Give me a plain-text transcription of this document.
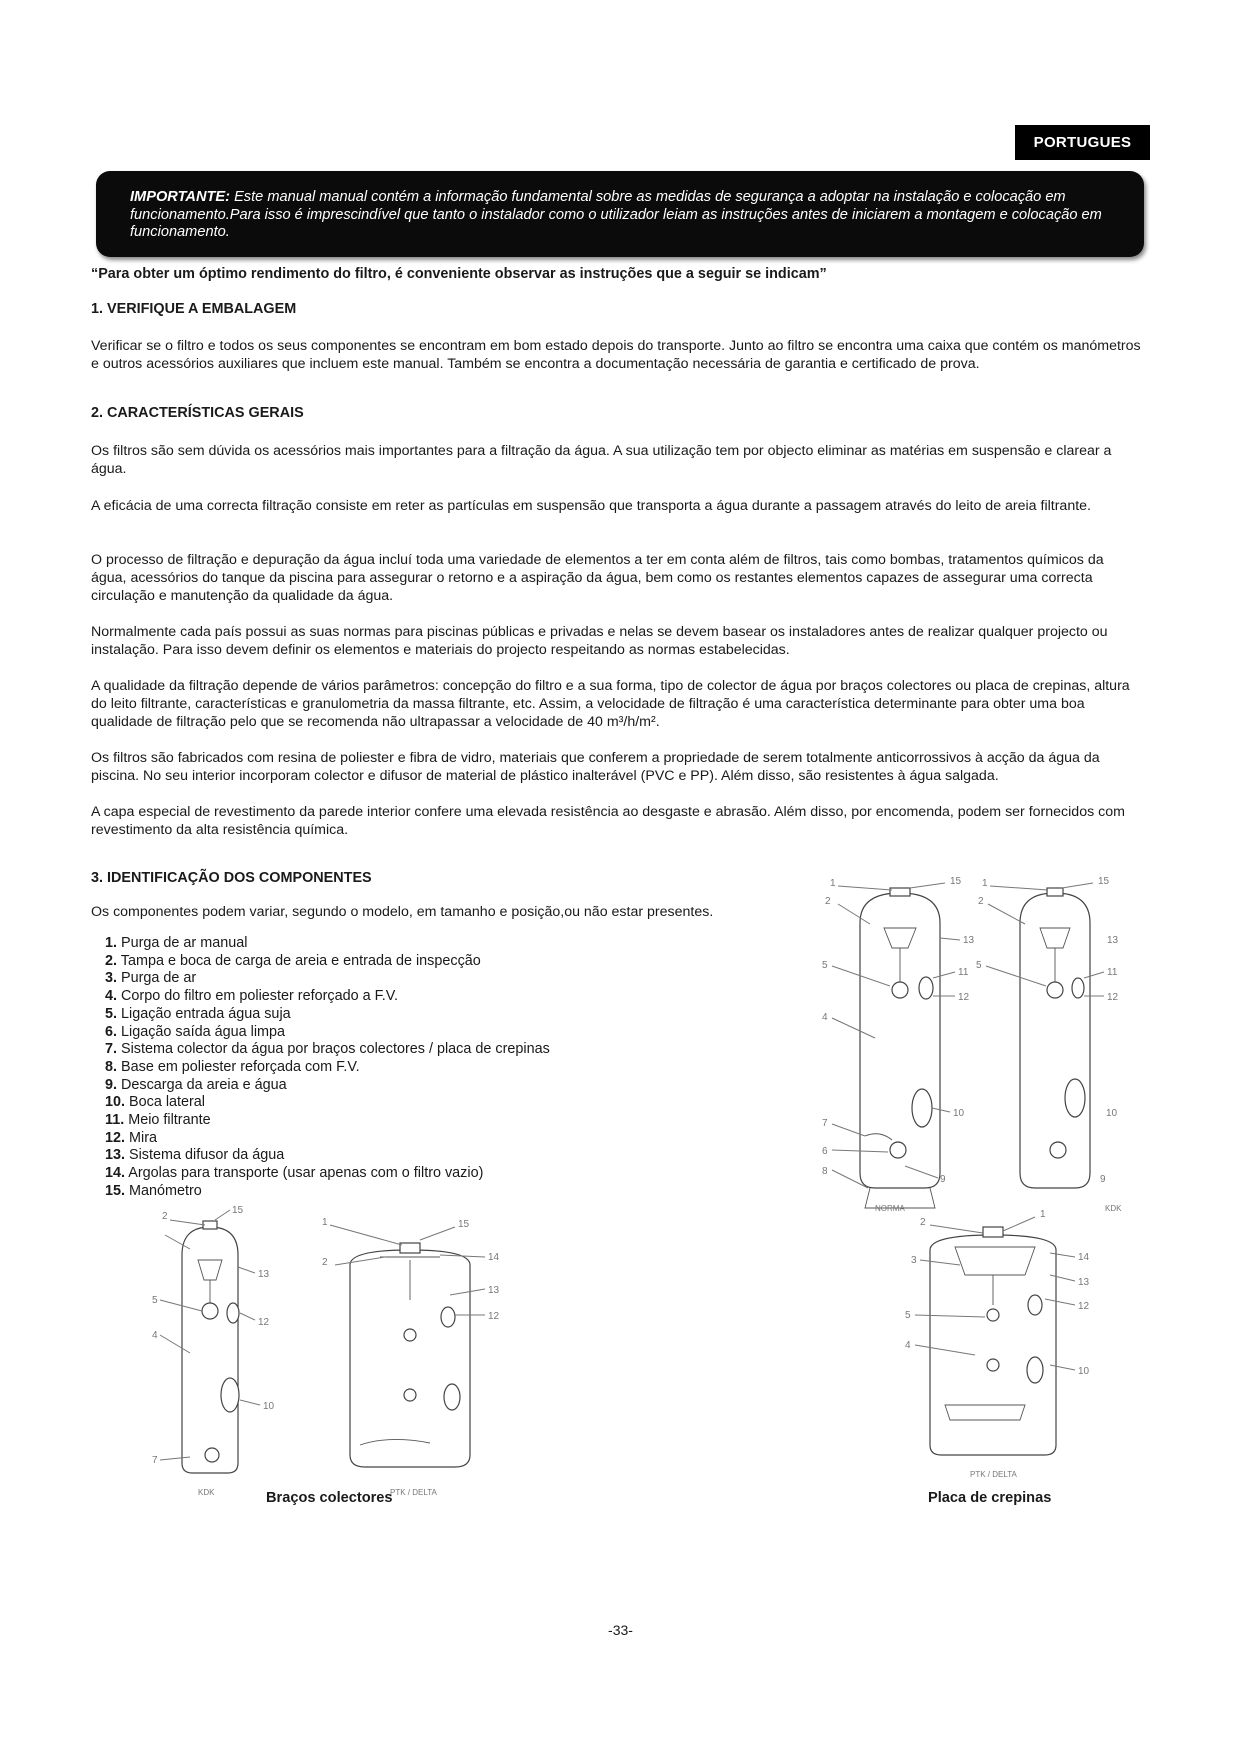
PORTUGUES
IMPORTANTE: Este manual manual contém a informação fundamental sobre as medidas de segurança a adoptar na instalação e colocação em funcionamento.Para isso é imprescindível que tanto o instalador como o utilizador leiam as instruções antes de iniciarem a montagem e colocação em funcionamento.
“Para obter um óptimo rendimento do filtro, é conveniente observar as instruções que a seguir se indicam”
1. VERIFIQUE A EMBALAGEM

Verificar se o filtro e todos os seus componentes se encontram em bom estado depois do transporte. Junto ao filtro se encontra uma caixa que contém os manómetros e outros acessórios auxiliares que incluem este manual. Também se encontra a documentação necessária de garantia e certificado de prova.

2. CARACTERÍSTICAS GERAIS

Os filtros são sem dúvida os acessórios mais importantes para a filtração da água. A sua utilização tem por objecto eliminar as matérias em suspensão e clarear a água.

A eficácia de uma correcta filtração consiste em reter as partículas em suspensão que transporta a água durante a passagem através do leito de areia filtrante.

O processo de filtração e depuração da água incluí toda uma variedade de elementos a ter em conta além de filtros, tais como bombas, tratamentos químicos da água, acessórios do tanque da piscina para assegurar o retorno e a aspiração da água, bem como os restantes elementos capazes de assegurar uma correcta circulação e manutenção da qualidade da água.

Normalmente cada país possui as suas normas para piscinas públicas e privadas e nelas se devem basear os instaladores antes de realizar qualquer projecto ou instalação. Para isso devem definir os elementos e materiais do projecto respeitando as normas estabelecidas.

A qualidade da filtração depende de vários parâmetros: concepção do filtro e a sua forma, tipo de colector de água por braços colectores ou placa de crepinas, altura do leito filtrante, características e granulometria da massa filtrante, etc. Assim, a velocidade de filtração é uma característica determinante para obter uma boa qualidade de filtração pelo que se recomenda não ultrapassar a velocidade de 40 m³/h/m².

Os filtros são fabricados com resina de poliester e fibra de vidro, materiais que conferem a propriedade de serem totalmente anticorrossivos à acção da água da piscina. No seu interior incorporam colector e difusor de material de plástico inalterável (PVC e PP). Além disso, são resistentes à água salgada.

A capa especial de revestimento da parede interior confere uma elevada resistência ao desgaste e abrasão. Além disso, por encomenda, podem ser fornecidos com revestimento da alta resistência química.

3. IDENTIFICAÇÃO DOS COMPONENTES

Os componentes podem variar, segundo o modelo, em tamanho e posição,ou não estar presentes.

1. Purga de ar manual
2. Tampa e boca de carga de areia e entrada de inspecção
3. Purga de ar
4. Corpo do filtro em poliester reforçado a F.V.
5. Ligação entrada água suja
6. Ligação saída água limpa
7. Sistema colector da água por braços colectores / placa de crepinas
8. Base em poliester reforçada com F.V.
9. Descarga da areia e água
10. Boca lateral
11. Meio filtrante
12. Mira
13. Sistema difusor da água
14. Argolas para transporte (usar apenas com o filtro vazio)
15. Manómetro
1	15
2
13
5
11
12
4
7
10
6
9
8
1	15
2
5
13
11
12
10
9
NORMA	KDK
2
15
13
5
12
4
10
7
KDK
1	15
2	14
13
12
PTK / DELTA
2
1
14
3
13
12
5
4
10
PTK / DELTA
Braços colectores	Placa de crepinas
-33-
